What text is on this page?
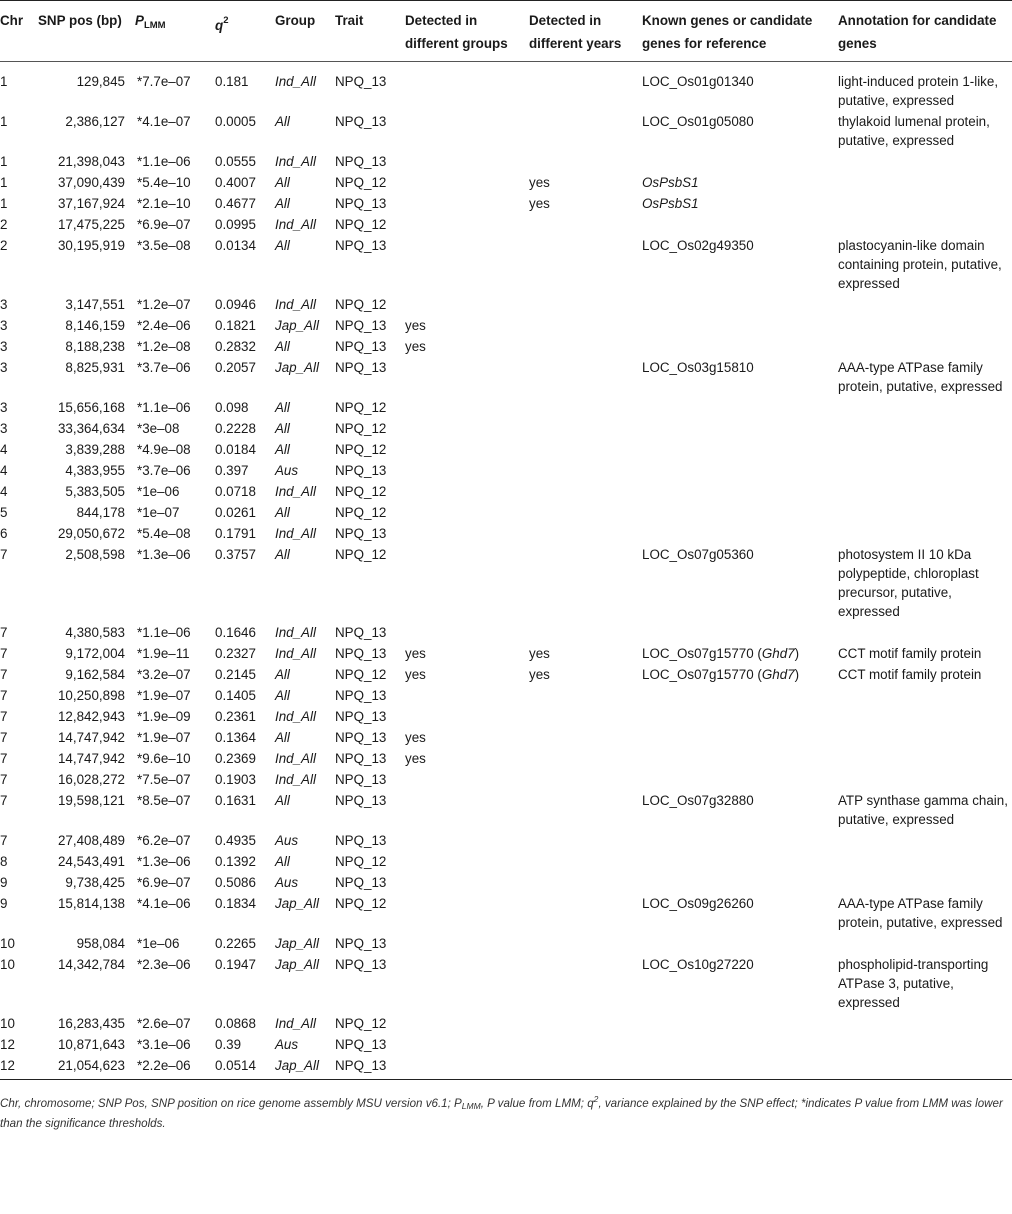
Chr	SNP pos (bp)	$P_{LMM}$	$q^2$	Group	Trait	Detected in different groups	Detected in different years	Known genes or candidate genes for reference	Annotation for candidate genes
1	129,845	*7.7e–07	0.181	Ind_All	NPQ_13			LOC_Os01g01340	light-induced protein 1-like, putative, expressed
1	2,386,127	*4.1e–07	0.0005	All	NPQ_13			LOC_Os01g05080	thylakoid lumenal protein, putative, expressed
1	21,398,043	*1.1e–06	0.0555	Ind_All	NPQ_13				
1	37,090,439	*5.4e–10	0.4007	All	NPQ_12		yes	OsPsbS1	
1	37,167,924	*2.1e–10	0.4677	All	NPQ_13		yes	OsPsbS1	
2	17,475,225	*6.9e–07	0.0995	Ind_All	NPQ_12				
2	30,195,919	*3.5e–08	0.0134	All	NPQ_13			LOC_Os02g49350	plastocyanin-like domain containing protein, putative, expressed
3	3,147,551	*1.2e–07	0.0946	Ind_All	NPQ_12				
3	8,146,159	*2.4e–06	0.1821	Jap_All	NPQ_13	yes			
3	8,188,238	*1.2e–08	0.2832	All	NPQ_13	yes			
3	8,825,931	*3.7e–06	0.2057	Jap_All	NPQ_13			LOC_Os03g15810	AAA-type ATPase family protein, putative, expressed
3	15,656,168	*1.1e–06	0.098	All	NPQ_12				
3	33,364,634	*3e–08	0.2228	All	NPQ_12				
4	3,839,288	*4.9e–08	0.0184	All	NPQ_12				
4	4,383,955	*3.7e–06	0.397	Aus	NPQ_13				
4	5,383,505	*1e–06	0.0718	Ind_All	NPQ_12				
5	844,178	*1e–07	0.0261	All	NPQ_12				
6	29,050,672	*5.4e–08	0.1791	Ind_All	NPQ_13				
7	2,508,598	*1.3e–06	0.3757	All	NPQ_12			LOC_Os07g05360	photosystem II 10 kDa polypeptide, chloroplast precursor, putative, expressed
7	4,380,583	*1.1e–06	0.1646	Ind_All	NPQ_13				
7	9,172,004	*1.9e–11	0.2327	Ind_All	NPQ_13	yes	yes	LOC_Os07g15770 (Ghd7)	CCT motif family protein
7	9,162,584	*3.2e–07	0.2145	All	NPQ_12	yes	yes	LOC_Os07g15770 (Ghd7)	CCT motif family protein
7	10,250,898	*1.9e–07	0.1405	All	NPQ_13				
7	12,842,943	*1.9e–09	0.2361	Ind_All	NPQ_13				
7	14,747,942	*1.9e–07	0.1364	All	NPQ_13	yes			
7	14,747,942	*9.6e–10	0.2369	Ind_All	NPQ_13	yes			
7	16,028,272	*7.5e–07	0.1903	Ind_All	NPQ_13				
7	19,598,121	*8.5e–07	0.1631	All	NPQ_13			LOC_Os07g32880	ATP synthase gamma chain, putative, expressed
7	27,408,489	*6.2e–07	0.4935	Aus	NPQ_13				
8	24,543,491	*1.3e–06	0.1392	All	NPQ_12				
9	9,738,425	*6.9e–07	0.5086	Aus	NPQ_13				
9	15,814,138	*4.1e–06	0.1834	Jap_All	NPQ_12			LOC_Os09g26260	AAA-type ATPase family protein, putative, expressed
10	958,084	*1e–06	0.2265	Jap_All	NPQ_13				
10	14,342,784	*2.3e–06	0.1947	Jap_All	NPQ_13			LOC_Os10g27220	phospholipid-transporting ATPase 3, putative, expressed
10	16,283,435	*2.6e–07	0.0868	Ind_All	NPQ_12				
12	10,871,643	*3.1e–06	0.39	Aus	NPQ_13				
12	21,054,623	*2.2e–06	0.0514	Jap_All	NPQ_13				
Chr, chromosome; SNP Pos, SNP position on rice genome assembly MSU version v6.1; PLMM, P value from LMM; $q^2$, variance explained by the SNP effect; *indicates P value from LMM was lower than the significance thresholds.
